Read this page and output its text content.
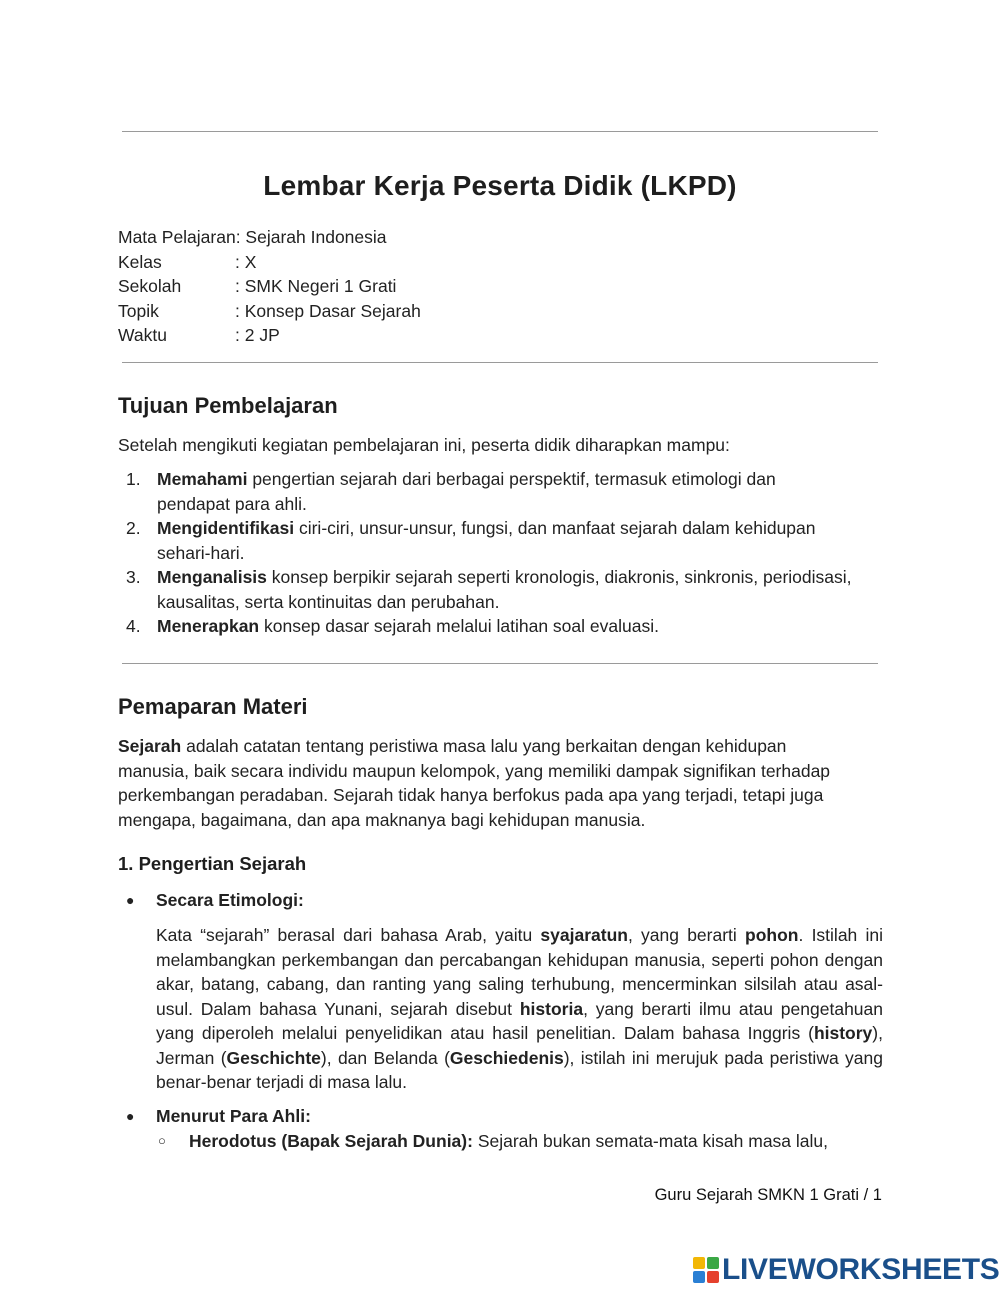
Lembar Kerja Peserta Didik (LKPD)
Mata Pelajaran: Sejarah Indonesia
Kelas	: X
Sekolah	: SMK Negeri 1 Grati
Topik	: Konsep Dasar Sejarah
Waktu	: 2 JP
Tujuan Pembelajaran
Setelah mengikuti kegiatan pembelajaran ini, peserta didik diharapkan mampu:
1. Memahami pengertian sejarah dari berbagai perspektif, termasuk etimologi dan
pendapat para ahli.
2. Mengidentifikasi ciri-ciri, unsur-unsur, fungsi, dan manfaat sejarah dalam kehidupan
sehari-hari.
3. Menganalisis konsep berpikir sejarah seperti kronologis, diakronis, sinkronis, periodisasi,
kausalitas, serta kontinuitas dan perubahan.
4. Menerapkan konsep dasar sejarah melalui latihan soal evaluasi.
Pemaparan Materi
Sejarah adalah catatan tentang peristiwa masa lalu yang berkaitan dengan kehidupan
manusia, baik secara individu maupun kelompok, yang memiliki dampak signifikan terhadap
perkembangan peradaban. Sejarah tidak hanya berfokus pada apa yang terjadi, tetapi juga
mengapa, bagaimana, dan apa maknanya bagi kehidupan manusia.
1. Pengertian Sejarah
● Secara Etimologi:
Kata “sejarah” berasal dari bahasa Arab, yaitu syajaratun, yang berarti pohon. Istilah ini melambangkan perkembangan dan percabangan kehidupan manusia, seperti pohon dengan akar, batang, cabang, dan ranting yang saling terhubung, mencerminkan silsilah atau asal-usul. Dalam bahasa Yunani, sejarah disebut historia, yang berarti ilmu atau pengetahuan yang diperoleh melalui penyelidikan atau hasil penelitian. Dalam bahasa Inggris (history), Jerman (Geschichte), dan Belanda (Geschiedenis), istilah ini merujuk pada peristiwa yang benar-benar terjadi di masa lalu.
● Menurut Para Ahli:
○ Herodotus (Bapak Sejarah Dunia): Sejarah bukan semata-mata kisah masa lalu,
Guru Sejarah SMKN 1 Grati / 1
LIVEWORKSHEETS
